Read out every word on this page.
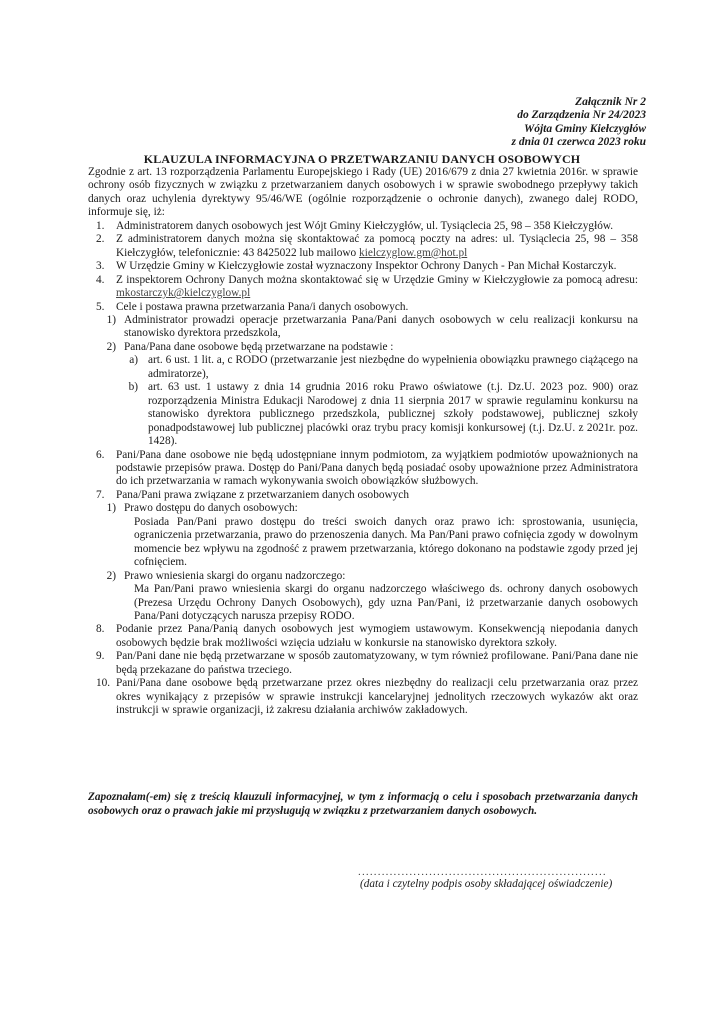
Załącznik Nr 2
do Zarządzenia Nr 24/2023
Wójta Gminy Kiełczygłów
z dnia 01 czerwca 2023 roku
KLAUZULA INFORMACYJNA O PRZETWARZANIU DANYCH OSOBOWYCH

Zgodnie z art. 13 rozporządzenia Parlamentu Europejskiego i Rady (UE) 2016/679 z dnia 27 kwietnia 2016r. w sprawie ochrony osób fizycznych w związku z przetwarzaniem danych osobowych i w sprawie swobodnego przepływy takich danych oraz uchylenia dyrektywy 95/46/WE (ogólnie rozporządzenie o ochronie danych), zwanego dalej RODO, informuje się, iż:

1.	Administratorem danych osobowych jest Wójt Gminy Kiełczygłów, ul. Tysiąclecia 25, 98 – 358 Kiełczygłów.
2.	Z administratorem danych można się skontaktować za pomocą poczty na adres: ul. Tysiąclecia 25, 98 – 358 Kiełczygłów, telefonicznie: 43 8425022 lub mailowo kielczyglow.gm@hot.pl
3.	W Urzędzie Gminy w Kiełczygłowie został wyznaczony Inspektor Ochrony Danych - Pan Michał Kostarczyk.
4.	Z inspektorem Ochrony Danych można skontaktować się w Urzędzie Gminy w Kiełczygłowie za pomocą adresu: mkostarczyk@kielczyglow.pl
5.	Cele i postawa prawna przetwarzania Pana/i danych osobowych.
1) Administrator prowadzi operacje przetwarzania Pana/Pani danych osobowych w celu realizacji konkursu na stanowisko dyrektora przedszkola,
2) Pana/Pana dane osobowe będą przetwarzane na podstawie :
a) art. 6 ust. 1 lit. a, c RODO (przetwarzanie jest niezbędne do wypełnienia obowiązku prawnego ciążącego na admiratorze),
b) art. 63 ust. 1 ustawy z dnia 14 grudnia 2016 roku Prawo oświatowe (t.j. Dz.U. 2023 poz. 900) oraz rozporządzenia Ministra Edukacji Narodowej z dnia 11 sierpnia 2017 w sprawie regulaminu konkursu na stanowisko dyrektora publicznego przedszkola, publicznej szkoły podstawowej, publicznej szkoły ponadpodstawowej lub publicznej placówki oraz trybu pracy komisji konkursowej (t.j. Dz.U. z 2021r. poz. 1428).
6.	Pani/Pana dane osobowe nie będą udostępniane innym podmiotom, za wyjątkiem podmiotów upoważnionych na podstawie przepisów prawa. Dostęp do Pani/Pana danych będą posiadać osoby upoważnione przez Administratora do ich przetwarzania w ramach wykonywania swoich obowiązków służbowych.
7.	Pana/Pani prawa związane z przetwarzaniem danych osobowych
1) Prawo dostępu do danych osobowych:
Posiada Pan/Pani prawo dostępu do treści swoich danych oraz prawo ich: sprostowania, usunięcia, ograniczenia przetwarzania, prawo do przenoszenia danych. Ma Pan/Pani prawo cofnięcia zgody w dowolnym momencie bez wpływu na zgodność z prawem przetwarzania, którego dokonano na podstawie zgody przed jej cofnięciem.
2) Prawo wniesienia skargi do organu nadzorczego:
Ma Pan/Pani prawo wniesienia skargi do organu nadzorczego właściwego ds. ochrony danych osobowych (Prezesa Urzędu Ochrony Danych Osobowych), gdy uzna Pan/Pani, iż przetwarzanie danych osobowych Pana/Pani dotyczących narusza przepisy RODO.
8.	Podanie przez Pana/Panią danych osobowych jest wymogiem ustawowym. Konsekwencją niepodania danych osobowych będzie brak możliwości wzięcia udziału w konkursie na stanowisko dyrektora szkoły.
9.	Pan/Pani dane nie będą przetwarzane w sposób zautomatyzowany, w tym również profilowane. Pani/Pana dane nie będą przekazane do państwa trzeciego.
10. Pani/Pana dane osobowe będą przetwarzane przez okres niezbędny do realizacji celu przetwarzania oraz przez okres wynikający z przepisów w sprawie instrukcji kancelaryjnej jednolitych rzeczowych wykazów akt oraz instrukcji w sprawie organizacji, iż zakresu działania archiwów zakładowych.
Zapoznałam(-em) się z treścią klauzuli informacyjnej, w tym z informacją o celu i sposobach przetwarzania danych osobowych oraz o prawach jakie mi przysługują w związku z przetwarzaniem danych osobowych.
...............................................................
(data i czytelny podpis osoby składającej oświadczenie)
